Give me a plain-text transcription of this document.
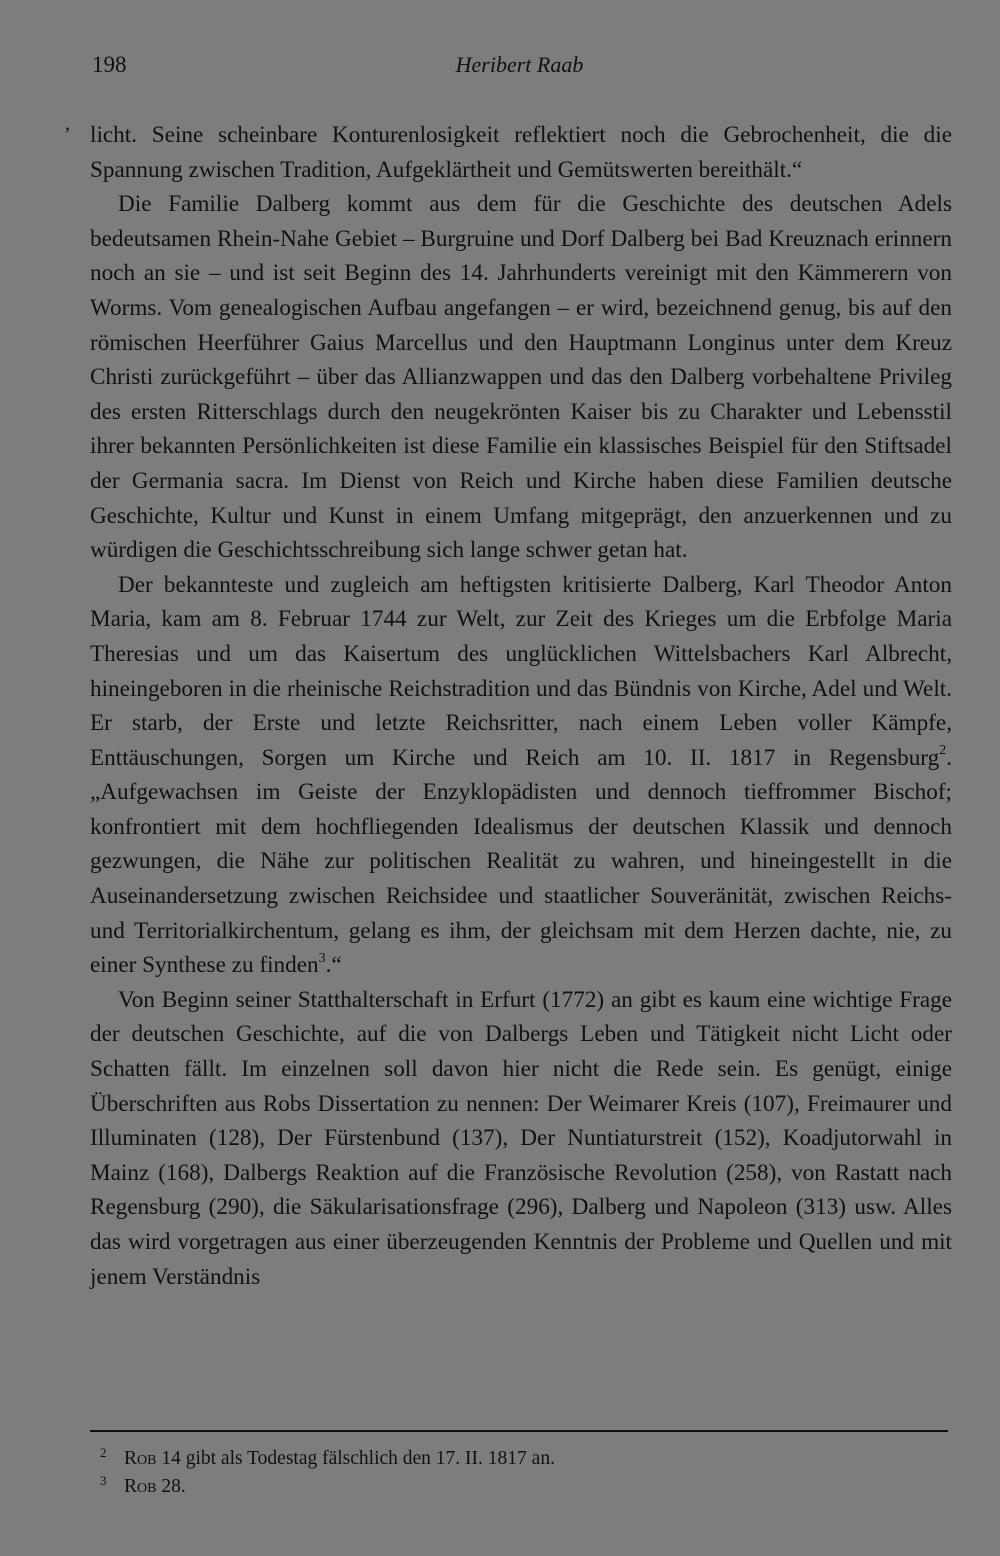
198	Heribert Raab
ʼ licht. Seine scheinbare Konturenlosigkeit reflektiert noch die Gebrochenheit, die die Spannung zwischen Tradition, Aufgeklärtheit und Gemütswerten bereithält.“

Die Familie Dalberg kommt aus dem für die Geschichte des deutschen Adels bedeutsamen Rhein-Nahe Gebiet – Burgruine und Dorf Dalberg bei Bad Kreuznach erinnern noch an sie – und ist seit Beginn des 14. Jahrhunderts vereinigt mit den Kämmerern von Worms. Vom genealogischen Aufbau angefangen – er wird, bezeichnend genug, bis auf den römischen Heerführer Gaius Marcellus und den Hauptmann Longinus unter dem Kreuz Christi zurückgeführt – über das Allianzwappen und das den Dalberg vorbehaltene Privileg des ersten Ritterschlags durch den neugekrönten Kaiser bis zu Charakter und Lebensstil ihrer bekannten Persönlichkeiten ist diese Familie ein klassisches Beispiel für den Stiftsadel der Germania sacra. Im Dienst von Reich und Kirche haben diese Familien deutsche Geschichte, Kultur und Kunst in einem Umfang mitgeprägt, den anzuerkennen und zu würdigen die Geschichtsschreibung sich lange schwer getan hat.

Der bekannteste und zugleich am heftigsten kritisierte Dalberg, Karl Theodor Anton Maria, kam am 8. Februar 1744 zur Welt, zur Zeit des Krieges um die Erbfolge Maria Theresias und um das Kaisertum des unglücklichen Wittelsbachers Karl Albrecht, hineingeboren in die rheinische Reichstradition und das Bündnis von Kirche, Adel und Welt. Er starb, der Erste und letzte Reichsritter, nach einem Leben voller Kämpfe, Enttäuschungen, Sorgen um Kirche und Reich am 10. II. 1817 in Regensburg$^2$. „Aufgewachsen im Geiste der Enzyklopädisten und dennoch tieffrommer Bischof; konfrontiert mit dem hochfliegenden Idealismus der deutschen Klassik und dennoch gezwungen, die Nähe zur politischen Realität zu wahren, und hineingestellt in die Auseinandersetzung zwischen Reichsidee und staatlicher Souveränität, zwischen Reichs- und Territorialkirchentum, gelang es ihm, der gleichsam mit dem Herzen dachte, nie, zu einer Synthese zu finden$^3$.“

Von Beginn seiner Statthalterschaft in Erfurt (1772) an gibt es kaum eine wichtige Frage der deutschen Geschichte, auf die von Dalbergs Leben und Tätigkeit nicht Licht oder Schatten fällt. Im einzelnen soll davon hier nicht die Rede sein. Es genügt, einige Überschriften aus Robs Dissertation zu nennen: Der Weimarer Kreis (107), Freimaurer und Illuminaten (128), Der Fürstenbund (137), Der Nuntiaturstreit (152), Koadjutorwahl in Mainz (168), Dalbergs Reaktion auf die Französische Revolution (258), von Rastatt nach Regensburg (290), die Säkularisationsfrage (296), Dalberg und Napoleon (313) usw. Alles das wird vorgetragen aus einer überzeugenden Kenntnis der Probleme und Quellen und mit jenem Verständnis

2 Rob 14 gibt als Todestag fälschlich den 17. II. 1817 an.
3 Rob 28.
